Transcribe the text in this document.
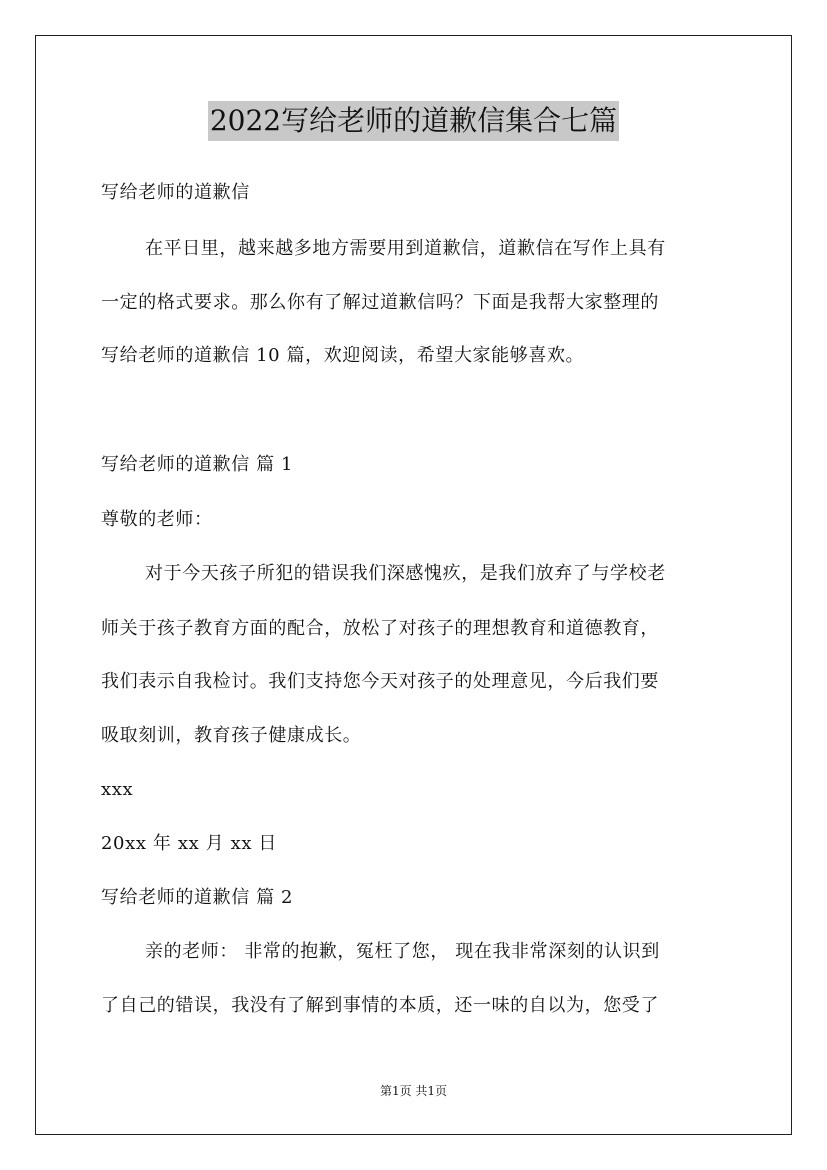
2022写给老师的道歉信集合七篇
写给老师的道歉信
在平日里，越来越多地方需要用到道歉信，道歉信在写作上具有
一定的格式要求。那么你有了解过道歉信吗？下面是我帮大家整理的
写给老师的道歉信 10 篇，欢迎阅读，希望大家能够喜欢。
写给老师的道歉信 篇 1
尊敬的老师：
对于今天孩子所犯的错误我们深感愧疚，是我们放弃了与学校老
师关于孩子教育方面的配合，放松了对孩子的理想教育和道德教育，
我们表示自我检讨。我们支持您今天对孩子的处理意见，今后我们要
吸取刻训，教育孩子健康成长。
xxx
20xx 年 xx 月 xx 日
写给老师的道歉信 篇 2
亲的老师： 非常的抱歉，冤枉了您， 现在我非常深刻的认识到
了自己的错误，我没有了解到事情的本质，还一味的自以为，您受了
第1页 共1页
